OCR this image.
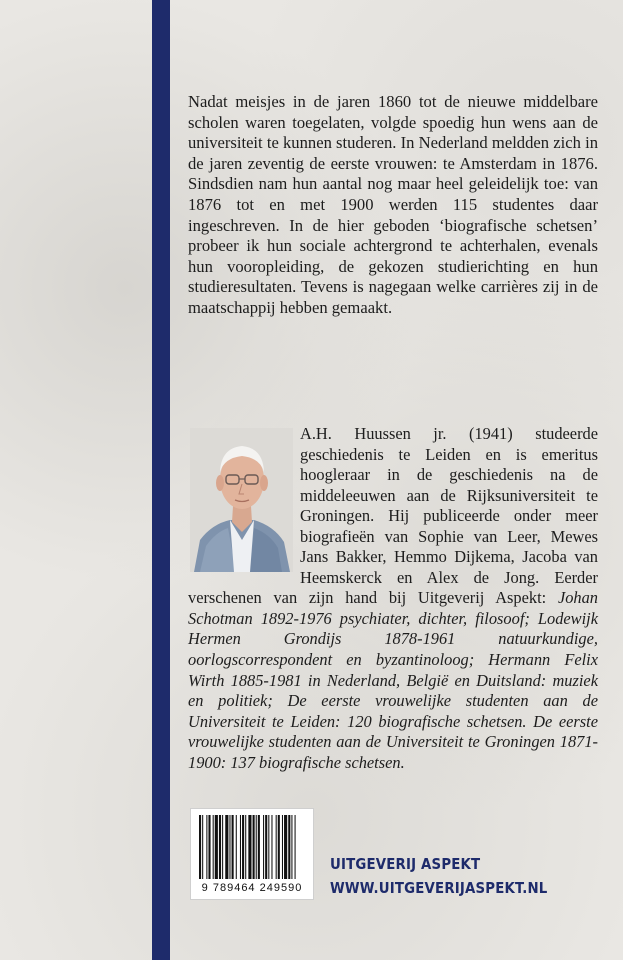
Nadat meisjes in de jaren 1860 tot de nieuwe middelbare scholen waren toegelaten, volgde spoedig hun wens aan de universiteit te kunnen studeren. In Nederland meldden zich in de jaren zeventig de eerste vrouwen: te Amsterdam in 1876. Sindsdien nam hun aantal nog maar heel geleidelijk toe: van 1876 tot en met 1900 werden 115 studentes daar ingeschreven. In de hier geboden ‘biografische schetsen’ probeer ik hun sociale achtergrond te achterhalen, evenals hun vooropleiding, de gekozen studierichting en hun studieresultaten. Tevens is nagegaan welke carrières zij in de maatschappij hebben gemaakt.

A.H. Huussen jr. (1941) studeerde geschiedenis te Leiden en is emeritus hoogleraar in de geschiedenis na de middeleeuwen aan de Rijksuniversiteit te Groningen. Hij publiceerde onder meer biografieën van Sophie van Leer, Mewes Jans Bakker, Hemmo Dijkema, Jacoba van Heemskerck en Alex de Jong. Eerder verschenen van zijn hand bij Uitgeverij Aspekt: Johan Schotman 1892-1976 psychiater, dichter, filosoof; Lodewijk Hermen Grondijs 1878-1961 natuurkundige, oorlogscorrespondent en byzantinoloog; Hermann Felix Wirth 1885-1981 in Nederland, België en Duitsland: muziek en politiek; De eerste vrouwelijke studenten aan de Universiteit te Leiden: 120 biografische schetsen. De eerste vrouwelijke studenten aan de Universiteit te Groningen 1871-1900: 137 biografische schetsen.

9 789464 249590
UITGEVERIJ ASPEKT
WWW.UITGEVERIJASPEKT.NL
